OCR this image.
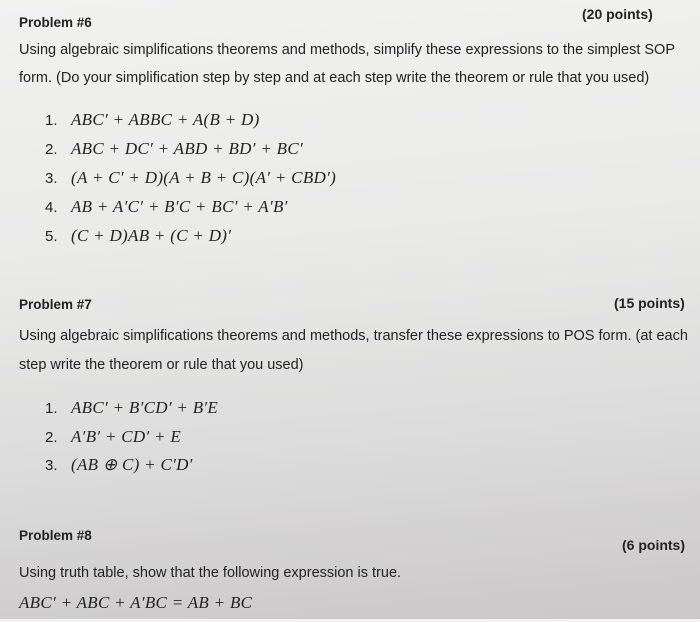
Problem #6
(20 points)
Using algebraic simplifications theorems and methods, simplify these expressions to the simplest SOP
form. (Do your simplification step by step and at each step write the theorem or rule that you used)
1. ABC′ + ABBC + A(B + D)
2. ABC + DC′ + ABD + BD′ + BC′
3. (A + C′ + D)(A + B + C)(A′ + CBD′)
4. AB + A′C′ + B′C + BC′ + A′B′
5. (C + D)AB + (C + D)′
Problem #7	(15 points)
Using algebraic simplifications theorems and methods, transfer these expressions to POS form. (at each
step write the theorem or rule that you used)
1. ABC′ + B′CD′ + B′E
2. A′B′ + CD′ + E
3. (AB ⊕ C) + C′D′
Problem #8
(6 points)
Using truth table, show that the following expression is true.
ABC′ + ABC + A′BC = AB + BC
